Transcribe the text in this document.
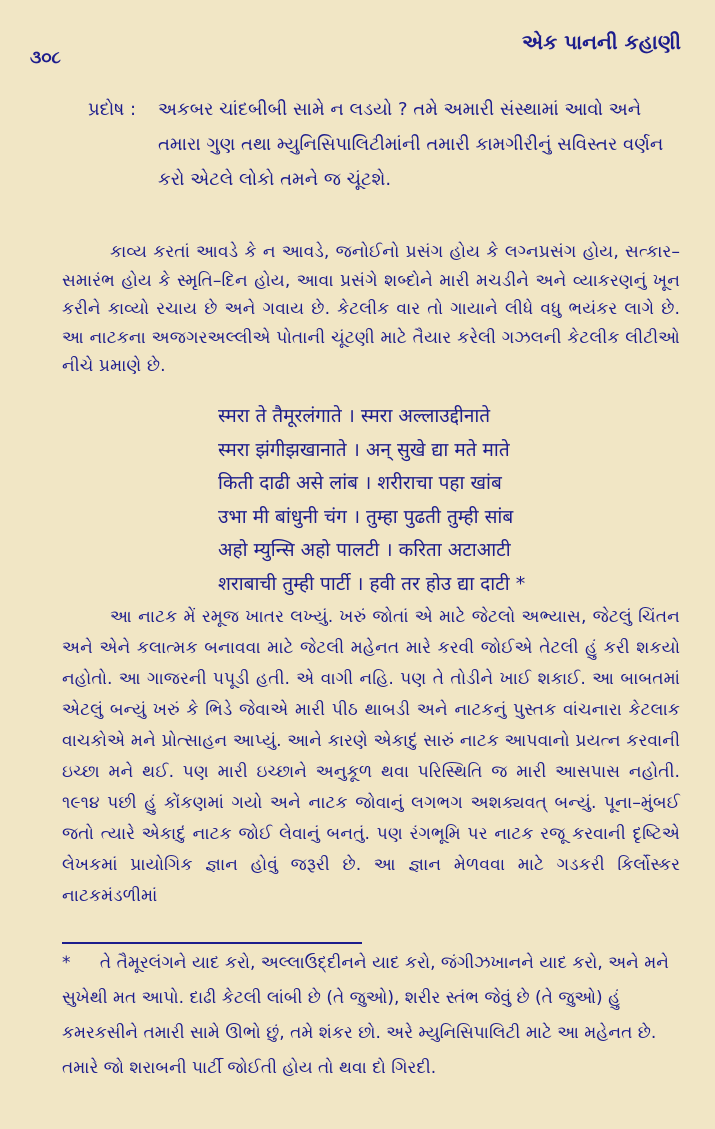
૩૦૮
એક પાનની કહાણી
પ્રદોષ :	અકબર ચાંદબીબી સામે ન લડયો ? તમે અમારી સંસ્થામાં આવો અને તમારા ગુણ તથા મ્યુનિસિપાલિટીમાંની તમારી કામગીરીનું સવિસ્તર વર્ણન કરો એટલે લોકો તમને જ ચૂંટશે.
કાવ્ય કરતાં આવડે કે ન આવડે, જનોઈનો પ્રસંગ હોય કે લગ્નપ્રસંગ હોય, સત્કાર–સમારંભ હોય કે સ્મૃતિ–દિન હોય, આવા પ્રસંગે શબ્દોને મારી મચડીને અને વ્યાકરણનું ખૂન કરીને કાવ્યો રચાય છે અને ગવાય છે. કેટલીક વાર તો ગાયાને લીધે વધુ ભયંકર લાગે છે. આ નાટકના અજગરઅલ્લીએ પોતાની ચૂંટણી માટે તૈયાર કરેલી ગઝલની કેટલીક લીટીઓ નીચે પ્રમાણે છે.
स्मरा ते तैमूरलंगाते । स्मरा अल्लाउद्दीनाते
स्मरा झंगीझखानाते । अन् सुखे द्या मते माते
किती दाढी असे लांब । शरीराचा पहा खांब
उभा मी बांधुनी चंग । तुम्हा पुढती तुम्ही सांब
अहो म्युन्सि अहो पालटी । करिता अटाआटी
शराबाची तुम्ही पार्टी । हवी तर होउ द्या दाटी *
આ નાટક મેં રમૂજ ખાતર લખ્યું. ખરું જોતાં એ માટે જેટલો અભ્યાસ, જેટલું ચિંતન અને એને કલાત્મક બનાવવા માટે જેટલી મહેનત મારે કરવી જોઈએ તેટલી હું કરી શકયો નહોતો. આ ગાજરની પપૂડી હતી. એ વાગી નહિ. પણ તે તોડીને ખાઈ શકાઈ. આ બાબતમાં એટલું બન્યું ખરું કે ભિડે જેવાએ મારી પીઠ થાબડી અને નાટકનું પુસ્તક વાંચનારા કેટલાક વાચકોએ મને પ્રોત્સાહન આપ્યું. આને કારણે એકાદું સારું નાટક આપવાનો પ્રયત્ન કરવાની ઇચ્છા મને થઈ. પણ મારી ઇચ્છાને અનુકૂળ થવા પરિસ્થિતિ જ મારી આસપાસ નહોતી. ૧૯૧૪ પછી હું કોંકણમાં ગયો અને નાટક જોવાનું લગભગ અશક્યવત્ બન્યું. પૂના–મુંબઈ જતો ત્યારે એકાદું નાટક જોઈ લેવાનું બનતું. પણ રંગભૂમિ પર નાટક રજૂ કરવાની દૃષ્ટિએ લેખકમાં પ્રાયોગિક જ્ઞાન હોવું જરૂરી છે. આ જ્ઞાન મેળવવા માટે ગડકરી કિર્લોસ્કર નાટકમંડળીમાં
* તે તૈમૂરલંગને યાદ કરો, અલ્લાઉદ્દીનને યાદ કરો, જંગીઝખાનને યાદ કરો, અને મને સુખેથી મત આપો. દાઢી કેટલી લાંબી છે (તે જુઓ), શરીર સ્તંભ જેવું છે (તે જુઓ) હું કમરકસીને તમારી સામે ઊભો છું, તમે શંકર છો. અરે મ્યુનિસિપાલિટી માટે આ મહેનત છે. તમારે જો શરાબની પાર્ટી જોઈતી હોય તો થવા દો ગિરદી.
